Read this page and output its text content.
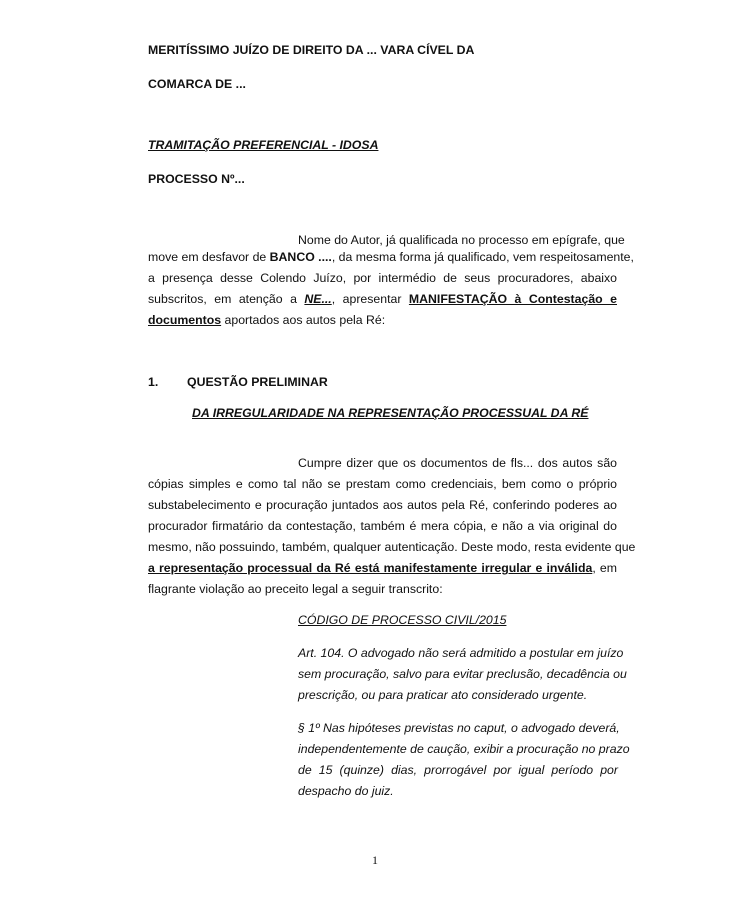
MERITÍSSIMO JUÍZO DE DIREITO DA ... VARA CÍVEL DA
COMARCA DE ...
TRAMITAÇÃO PREFERENCIAL - IDOSA
PROCESSO Nº...
Nome do Autor, já qualificada no processo em epígrafe, que
move em desfavor de BANCO ...., da mesma forma já qualificado, vem respeitosamente,
a presença desse Colendo Juízo, por intermédio de seus procuradores, abaixo
subscritos, em atenção a NE..., apresentar MANIFESTAÇÃO à Contestação e
documentos aportados aos autos pela Ré:
1. QUESTÃO PRELIMINAR
DA IRREGULARIDADE NA REPRESENTAÇÃO PROCESSUAL DA RÉ
Cumpre dizer que os documentos de fls... dos autos são
cópias simples e como tal não se prestam como credenciais, bem como o próprio
substabelecimento e procuração juntados aos autos pela Ré, conferindo poderes ao
procurador firmatário da contestação, também é mera cópia, e não a via original do
mesmo, não possuindo, também, qualquer autenticação. Deste modo, resta evidente que
a representação processual da Ré está manifestamente irregular e inválida, em
flagrante violação ao preceito legal a seguir transcrito:
CÓDIGO DE PROCESSO CIVIL/2015
Art. 104. O advogado não será admitido a postular em juízo
sem procuração, salvo para evitar preclusão, decadência ou
prescrição, ou para praticar ato considerado urgente.
§ 1º Nas hipóteses previstas no caput, o advogado deverá,
independentemente de caução, exibir a procuração no prazo
de 15 (quinze) dias, prorrogável por igual período por
despacho do juiz.
1
